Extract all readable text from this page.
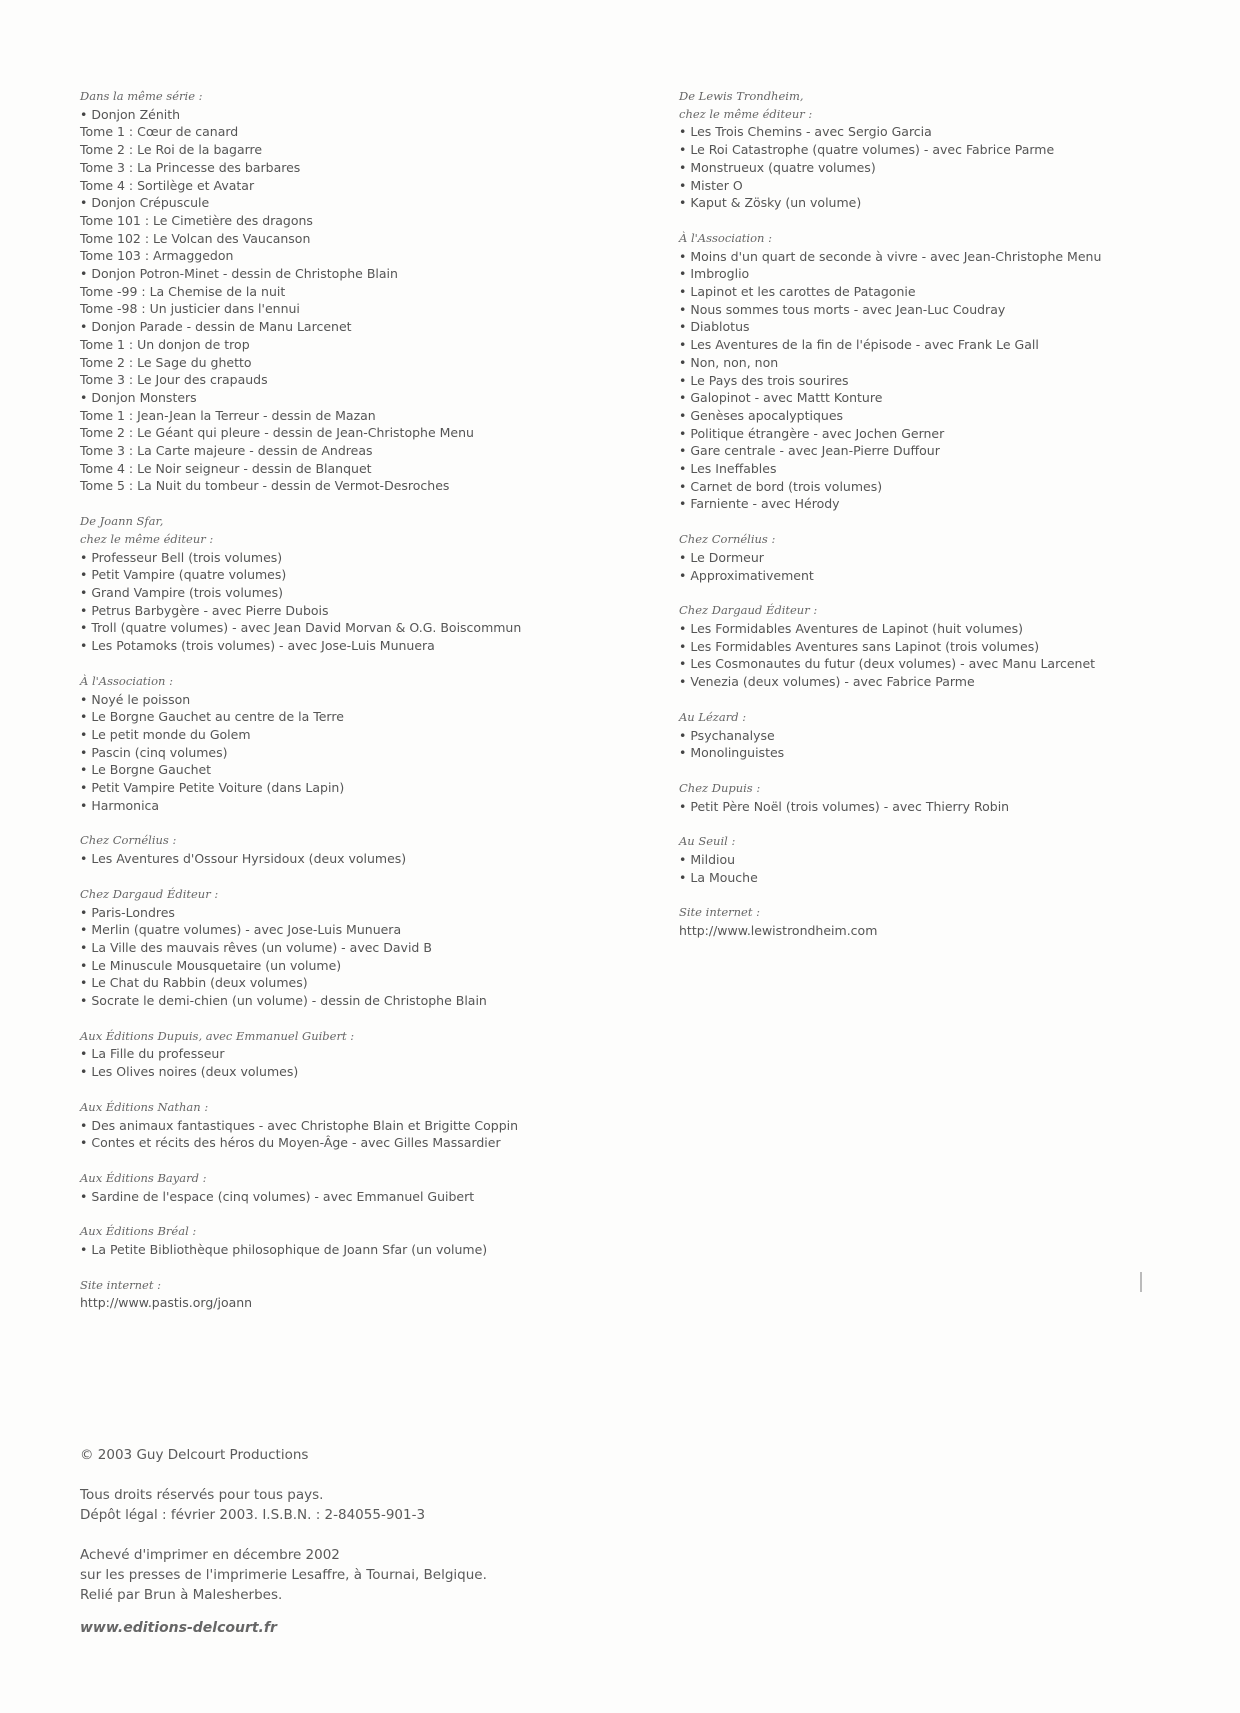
Dans la même série :
• Donjon Zénith
Tome 1 : Cœur de canard
Tome 2 : Le Roi de la bagarre
Tome 3 : La Princesse des barbares
Tome 4 : Sortilège et Avatar
• Donjon Crépuscule
Tome 101 : Le Cimetière des dragons
Tome 102 : Le Volcan des Vaucanson
Tome 103 : Armaggedon
• Donjon Potron-Minet - dessin de Christophe Blain
Tome -99 : La Chemise de la nuit
Tome -98 : Un justicier dans l'ennui
• Donjon Parade - dessin de Manu Larcenet
Tome 1 : Un donjon de trop
Tome 2 : Le Sage du ghetto
Tome 3 : Le Jour des crapauds
• Donjon Monsters
Tome 1 : Jean-Jean la Terreur - dessin de Mazan
Tome 2 : Le Géant qui pleure - dessin de Jean-Christophe Menu
Tome 3 : La Carte majeure - dessin de Andreas
Tome 4 : Le Noir seigneur - dessin de Blanquet
Tome 5 : La Nuit du tombeur - dessin de Vermot-Desroches
De Joann Sfar,
chez le même éditeur :
• Professeur Bell (trois volumes)
• Petit Vampire (quatre volumes)
• Grand Vampire (trois volumes)
• Petrus Barbygère - avec Pierre Dubois
• Troll (quatre volumes) - avec Jean David Morvan & O.G. Boiscommun
• Les Potamoks (trois volumes) - avec Jose-Luis Munuera
À l'Association :
• Noyé le poisson
• Le Borgne Gauchet au centre de la Terre
• Le petit monde du Golem
• Pascin (cinq volumes)
• Le Borgne Gauchet
• Petit Vampire Petite Voiture (dans Lapin)
• Harmonica
Chez Cornélius :
• Les Aventures d'Ossour Hyrsidoux (deux volumes)
Chez Dargaud Éditeur :
• Paris-Londres
• Merlin (quatre volumes) - avec Jose-Luis Munuera
• La Ville des mauvais rêves (un volume) - avec David B
• Le Minuscule Mousquetaire (un volume)
• Le Chat du Rabbin (deux volumes)
• Socrate le demi-chien (un volume) - dessin de Christophe Blain
Aux Éditions Dupuis, avec Emmanuel Guibert :
• La Fille du professeur
• Les Olives noires (deux volumes)
Aux Éditions Nathan :
• Des animaux fantastiques - avec Christophe Blain et Brigitte Coppin
• Contes et récits des héros du Moyen-Âge - avec Gilles Massardier
Aux Éditions Bayard :
• Sardine de l'espace (cinq volumes) - avec Emmanuel Guibert
Aux Éditions Bréal :
• La Petite Bibliothèque philosophique de Joann Sfar (un volume)
Site internet :
http://www.pastis.org/joann
De Lewis Trondheim,
chez le même éditeur :
• Les Trois Chemins - avec Sergio Garcia
• Le Roi Catastrophe (quatre volumes) - avec Fabrice Parme
• Monstrueux (quatre volumes)
• Mister O
• Kaput & Zösky (un volume)
À l'Association :
• Moins d'un quart de seconde à vivre - avec Jean-Christophe Menu
• Imbroglio
• Lapinot et les carottes de Patagonie
• Nous sommes tous morts - avec Jean-Luc Coudray
• Diablotus
• Les Aventures de la fin de l'épisode - avec Frank Le Gall
• Non, non, non
• Le Pays des trois sourires
• Galopinot - avec Mattt Konture
• Genèses apocalyptiques
• Politique étrangère - avec Jochen Gerner
• Gare centrale - avec Jean-Pierre Duffour
• Les Ineffables
• Carnet de bord (trois volumes)
• Farniente - avec Hérody
Chez Cornélius :
• Le Dormeur
• Approximativement
Chez Dargaud Éditeur :
• Les Formidables Aventures de Lapinot (huit volumes)
• Les Formidables Aventures sans Lapinot (trois volumes)
• Les Cosmonautes du futur (deux volumes) - avec Manu Larcenet
• Venezia (deux volumes) - avec Fabrice Parme
Au Lézard :
• Psychanalyse
• Monolinguistes
Chez Dupuis :
• Petit Père Noël (trois volumes) - avec Thierry Robin
Au Seuil :
• Mildiou
• La Mouche
Site internet :
http://www.lewistrondheim.com
© 2003 Guy Delcourt Productions
Tous droits réservés pour tous pays.
Dépôt légal : février 2003. I.S.B.N. : 2-84055-901-3
Achevé d'imprimer en décembre 2002
sur les presses de l'imprimerie Lesaffre, à Tournai, Belgique.
Relié par Brun à Malesherbes.
www.editions-delcourt.fr
